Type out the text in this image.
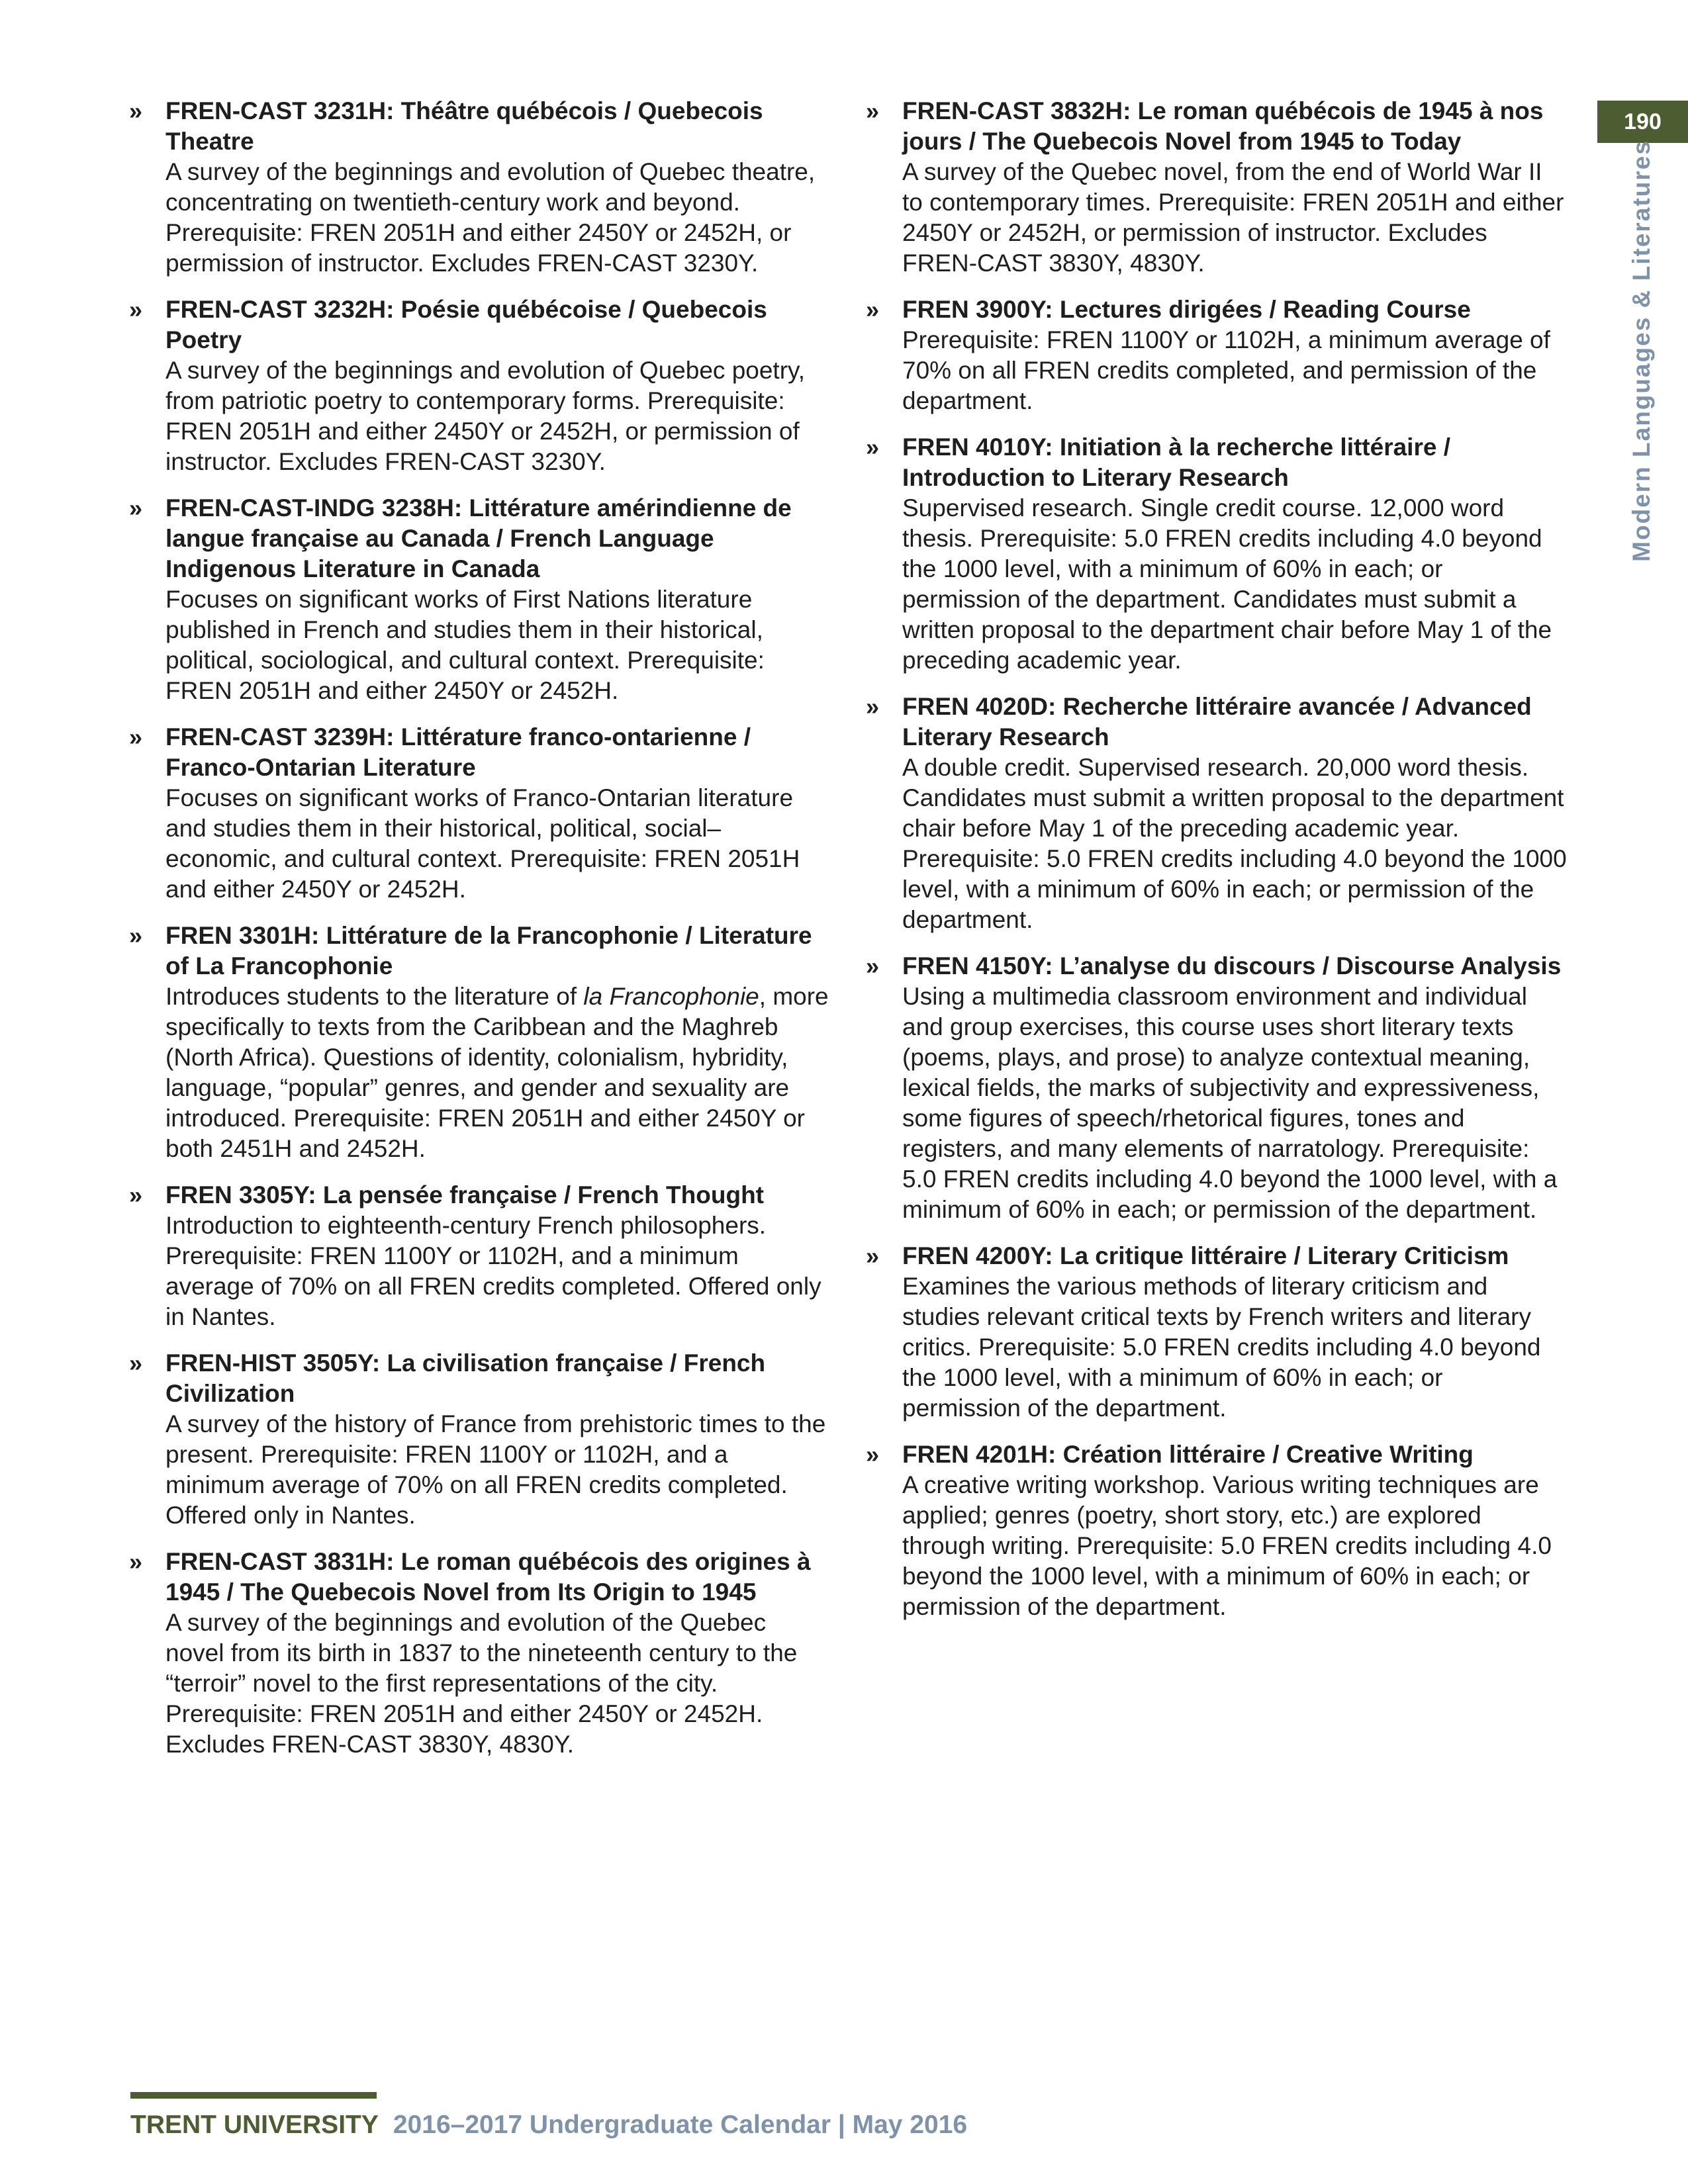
190
Modern Languages & Literatures
» FREN-CAST 3231H: Théâtre québécois / Quebecois Theatre

A survey of the beginnings and evolution of Quebec theatre, concentrating on twentieth-century work and beyond. Prerequisite: FREN 2051H and either 2450Y or 2452H, or permission of instructor. Excludes FREN-CAST 3230Y.

» FREN-CAST 3232H: Poésie québécoise / Quebecois Poetry

A survey of the beginnings and evolution of Quebec poetry, from patriotic poetry to contemporary forms. Prerequisite: FREN 2051H and either 2450Y or 2452H, or permission of instructor. Excludes FREN-CAST 3230Y.

» FREN-CAST-INDG 3238H: Littérature amérindienne de langue française au Canada / French Language Indigenous Literature in Canada

Focuses on significant works of First Nations literature published in French and studies them in their historical, political, sociological, and cultural context. Prerequisite: FREN 2051H and either 2450Y or 2452H.

» FREN-CAST 3239H: Littérature franco-ontarienne / Franco-Ontarian Literature

Focuses on significant works of Franco-Ontarian literature and studies them in their historical, political, social–economic, and cultural context. Prerequisite: FREN 2051H and either 2450Y or 2452H.

» FREN 3301H: Littérature de la Francophonie / Literature of La Francophonie

Introduces students to the literature of la Francophonie, more specifically to texts from the Caribbean and the Maghreb (North Africa). Questions of identity, colonialism, hybridity, language, “popular” genres, and gender and sexuality are introduced. Prerequisite: FREN 2051H and either 2450Y or both 2451H and 2452H.

» FREN 3305Y: La pensée française / French Thought

Introduction to eighteenth-century French philosophers. Prerequisite: FREN 1100Y or 1102H, and a minimum average of 70% on all FREN credits completed. Offered only in Nantes.

» FREN-HIST 3505Y: La civilisation française / French Civilization

A survey of the history of France from prehistoric times to the present. Prerequisite: FREN 1100Y or 1102H, and a minimum average of 70% on all FREN credits completed. Offered only in Nantes.

» FREN-CAST 3831H: Le roman québécois des origines à 1945 / The Quebecois Novel from Its Origin to 1945

A survey of the beginnings and evolution of the Quebec novel from its birth in 1837 to the nineteenth century to the “terroir” novel to the first representations of the city. Prerequisite: FREN 2051H and either 2450Y or 2452H. Excludes FREN-CAST 3830Y, 4830Y.

» FREN-CAST 3832H: Le roman québécois de 1945 à nos jours / The Quebecois Novel from 1945 to Today

A survey of the Quebec novel, from the end of World War II to contemporary times. Prerequisite: FREN 2051H and either 2450Y or 2452H, or permission of instructor. Excludes FREN-CAST 3830Y, 4830Y.

» FREN 3900Y: Lectures dirigées / Reading Course

Prerequisite: FREN 1100Y or 1102H, a minimum average of 70% on all FREN credits completed, and permission of the department.

» FREN 4010Y: Initiation à la recherche littéraire / Introduction to Literary Research

Supervised research. Single credit course. 12,000 word thesis. Prerequisite: 5.0 FREN credits including 4.0 beyond the 1000 level, with a minimum of 60% in each; or permission of the department. Candidates must submit a written proposal to the department chair before May 1 of the preceding academic year.

» FREN 4020D: Recherche littéraire avancée / Advanced Literary Research

A double credit. Supervised research. 20,000 word thesis. Candidates must submit a written proposal to the department chair before May 1 of the preceding academic year. Prerequisite: 5.0 FREN credits including 4.0 beyond the 1000 level, with a minimum of 60% in each; or permission of the department.

» FREN 4150Y: L’analyse du discours / Discourse Analysis

Using a multimedia classroom environment and individual and group exercises, this course uses short literary texts (poems, plays, and prose) to analyze contextual meaning, lexical fields, the marks of subjectivity and expressiveness, some figures of speech/rhetorical figures, tones and registers, and many elements of narratology. Prerequisite: 5.0 FREN credits including 4.0 beyond the 1000 level, with a minimum of 60% in each; or permission of the department.

» FREN 4200Y: La critique littéraire / Literary Criticism

Examines the various methods of literary criticism and studies relevant critical texts by French writers and literary critics. Prerequisite: 5.0 FREN credits including 4.0 beyond the 1000 level, with a minimum of 60% in each; or permission of the department.

» FREN 4201H: Création littéraire / Creative Writing

A creative writing workshop. Various writing techniques are applied; genres (poetry, short story, etc.) are explored through writing. Prerequisite: 5.0 FREN credits including 4.0 beyond the 1000 level, with a minimum of 60% in each; or permission of the department.

TRENT UNIVERSITY 2016–2017 Undergraduate Calendar | May 2016
